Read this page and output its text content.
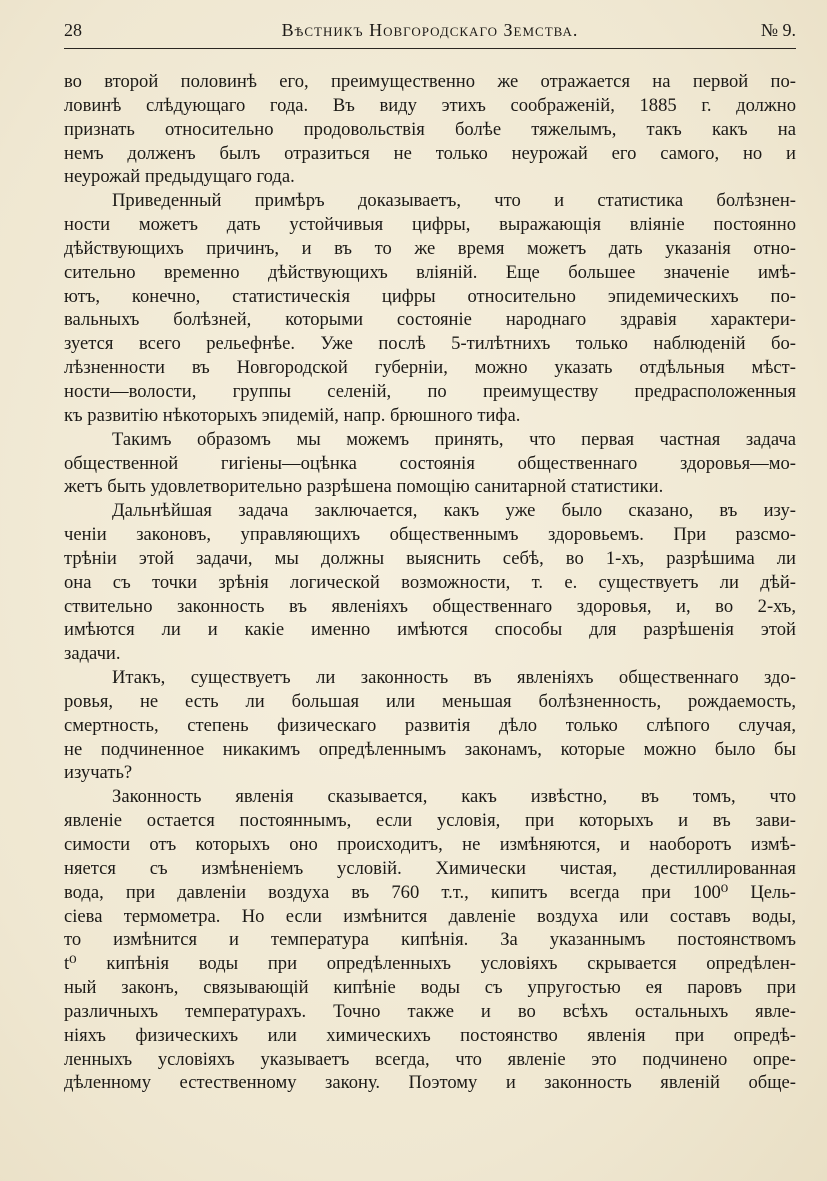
28	Вѣстникъ Новгородскаго Земства.	№ 9.
во второй половинѣ его, преимущественно же отражается на первой по-
ловинѣ слѣдующаго года. Въ виду этихъ соображеній, 1885 г. должно
признать относительно продовольствія болѣе тяжелымъ, такъ какъ на
немъ долженъ былъ отразиться не только неурожай его самого, но и
неурожай предыдущаго года.
Приведенный примѣръ доказываетъ, что и статистика болѣзнен-
ности можетъ дать устойчивыя цифры, выражающія вліяніе постоянно
дѣйствующихъ причинъ, и въ то же время можетъ дать указанія отно-
сительно временно дѣйствующихъ вліяній. Еще большее значеніе имѣ-
ютъ, конечно, статистическія цифры относительно эпидемическихъ по-
вальныхъ болѣзней, которыми состояніе народнаго здравія характери-
зуется всего рельефнѣе. Уже послѣ 5-тилѣтнихъ только наблюденій бо-
лѣзненности въ Новгородской губерніи, можно указать отдѣльныя мѣст-
ности—волости, группы селеній, по преимуществу предрасположенныя
къ развитію нѣкоторыхъ эпидемій, напр. брюшного тифа.
Такимъ образомъ мы можемъ принять, что первая частная задача
общественной гигіены—оцѣнка состоянія общественнаго здоровья—мо-
жетъ быть удовлетворительно разрѣшена помощію санитарной статистики.
Дальнѣйшая задача заключается, какъ уже было сказано, въ изу-
ченіи законовъ, управляющихъ общественнымъ здоровьемъ. При разсмо-
трѣніи этой задачи, мы должны выяснить себѣ, во 1-хъ, разрѣшима ли
она съ точки зрѣнія логической возможности, т. е. существуетъ ли дѣй-
ствительно законность въ явленіяхъ общественнаго здоровья, и, во 2-хъ,
имѣются ли и какіе именно имѣются способы для разрѣшенія этой
задачи.
Итакъ, существуетъ ли законность въ явленіяхъ общественнаго здо-
ровья, не есть ли большая или меньшая болѣзненность, рождаемость,
смертность, степень физическаго развитія дѣло только слѣпого случая,
не подчиненное никакимъ опредѣленнымъ законамъ, которые можно было бы
изучать?
Законность явленія сказывается, какъ извѣстно, въ томъ, что
явленіе остается постояннымъ, если условія, при которыхъ и въ зави-
симости отъ которыхъ оно происходитъ, не измѣняются, и наоборотъ измѣ-
няется съ измѣненіемъ условій. Химически чистая, дестиллированная
вода, при давленіи воздуха въ 760 т.т., кипитъ всегда при 100⁰ Цель-
сіева термометра. Но если измѣнится давленіе воздуха или составъ воды,
то измѣнится и температура кипѣнія. За указаннымъ постоянствомъ
t⁰ кипѣнія воды при опредѣленныхъ условіяхъ скрывается опредѣлен-
ный законъ, связывающій кипѣніе воды съ упругостью ея паровъ при
различныхъ температурахъ. Точно также и во всѣхъ остальныхъ явле-
ніяхъ физическихъ или химическихъ постоянство явленія при опредѣ-
ленныхъ условіяхъ указываетъ всегда, что явленіе это подчинено опре-
дѣленному естественному закону. Поэтому и законность явленій обще-
